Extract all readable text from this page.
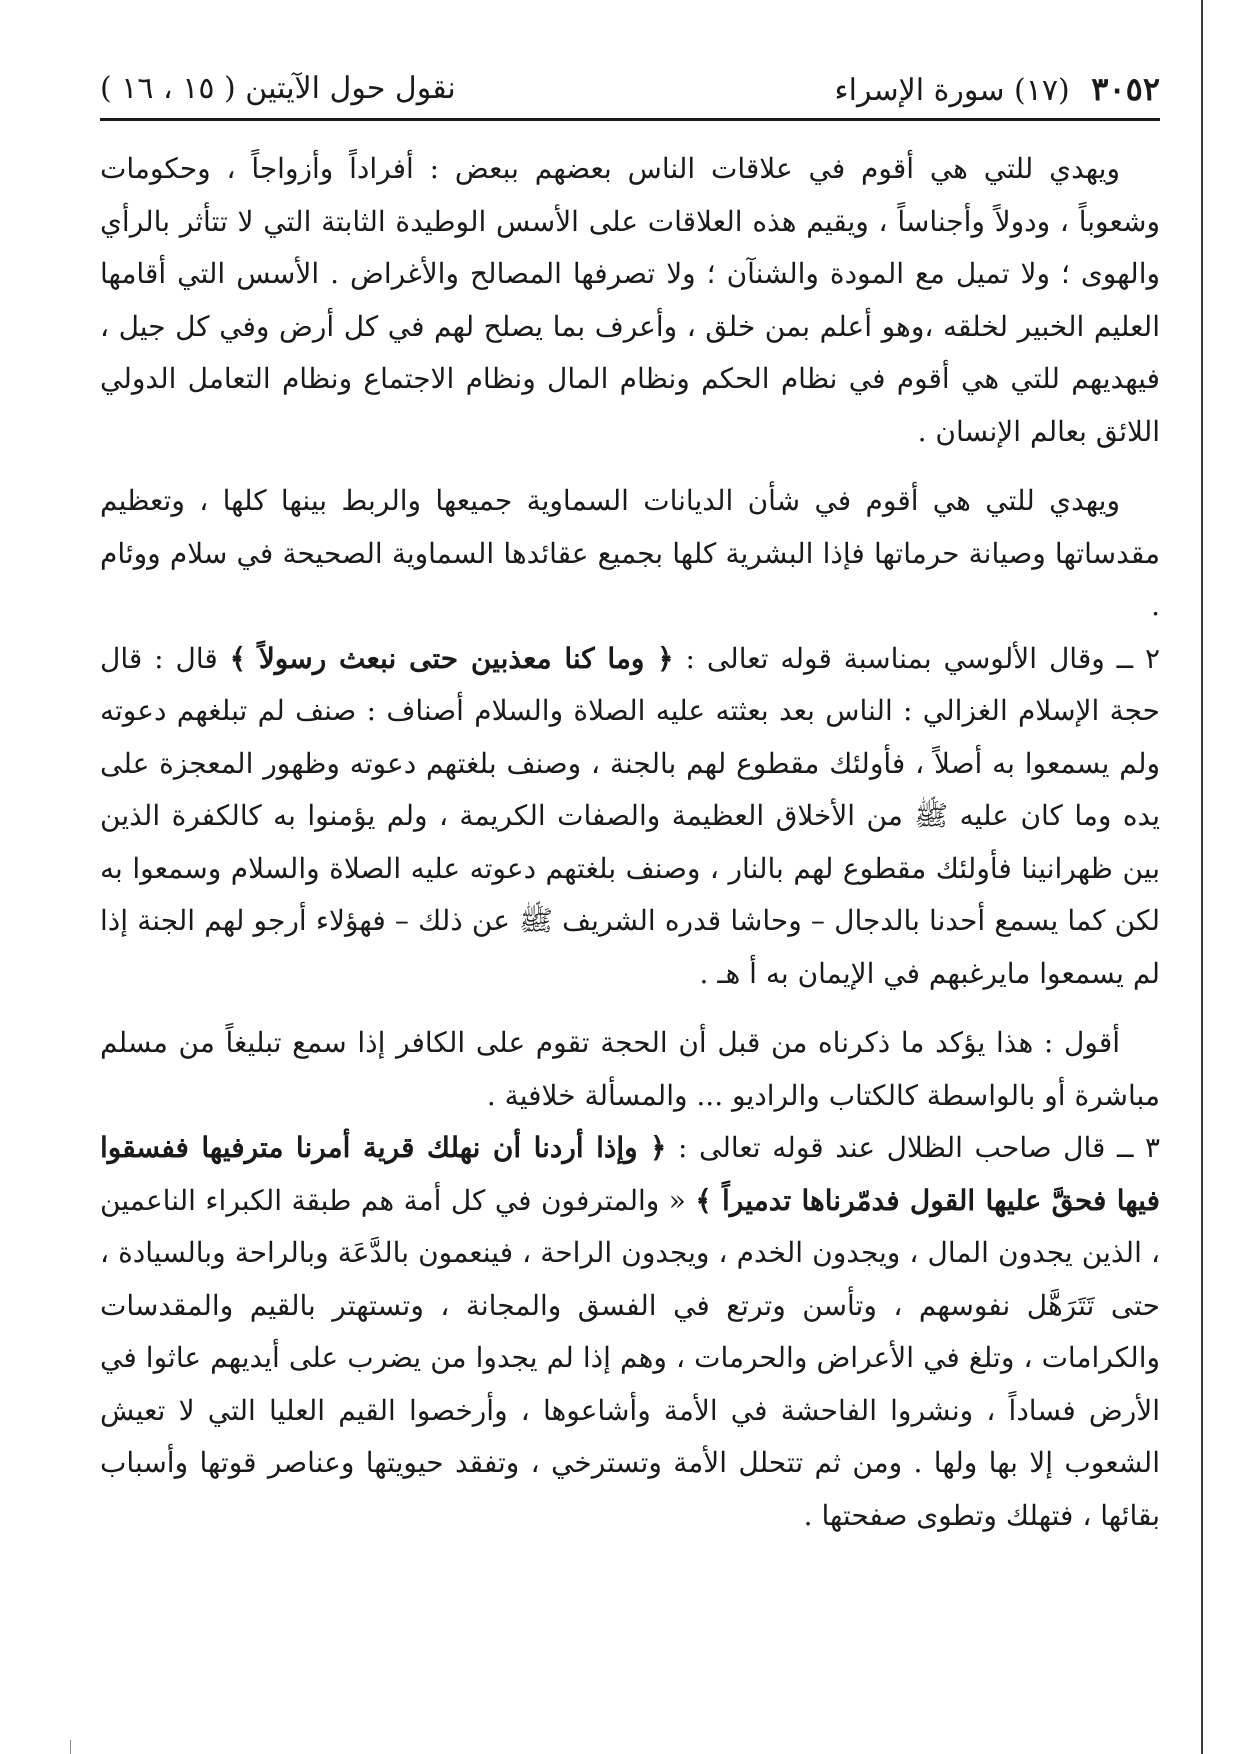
٣٠٥٢ (١٧) سورة الإسراء
نقول حول الآيتين ( ١٥ ، ١٦ )

ويهدي للتي هي أقوم في علاقات الناس بعضهم ببعض : أفراداً وأزواجاً ، وحكومات وشعوباً ، ودولاً وأجناساً ، ويقيم هذه العلاقات على الأسس الوطيدة الثابتة التي لا تتأثر بالرأي والهوى ؛ ولا تميل مع المودة والشنآن ؛ ولا تصرفها المصالح والأغراض . الأسس التي أقامها العليم الخبير لخلقه ،وهو أعلم بمن خلق ، وأعرف بما يصلح لهم في كل أرض وفي كل جيل ، فيهديهم للتي هي أقوم في نظام الحكم ونظام المال ونظام الاجتماع ونظام التعامل الدولي اللائق بعالم الإنسان .

ويهدي للتي هي أقوم في شأن الديانات السماوية جميعها والربط بينها كلها ، وتعظيم مقدساتها وصيانة حرماتها فإذا البشرية كلها بجميع عقائدها السماوية الصحيحة في سلام ووئام .

٢ ــ وقال الألوسي بمناسبة قوله تعالى : ﴿ وما كنا معذبين حتى نبعث رسولاً ﴾ قال : قال حجة الإسلام الغزالي : الناس بعد بعثته عليه الصلاة والسلام أصناف : صنف لم تبلغهم دعوته ولم يسمعوا به أصلاً ، فأولئك مقطوع لهم بالجنة ، وصنف بلغتهم دعوته وظهور المعجزة على يده وما كان عليه ﷺ من الأخلاق العظيمة والصفات الكريمة ، ولم يؤمنوا به كالكفرة الذين بين ظهرانينا فأولئك مقطوع لهم بالنار ، وصنف بلغتهم دعوته عليه الصلاة والسلام وسمعوا به لكن كما يسمع أحدنا بالدجال – وحاشا قدره الشريف ﷺ عن ذلك – فهؤلاء أرجو لهم الجنة إذا لم يسمعوا مايرغبهم في الإيمان به أ هـ .

أقول : هذا يؤكد ما ذكرناه من قبل أن الحجة تقوم على الكافر إذا سمع تبليغاً من مسلم مباشرة أو بالواسطة كالكتاب والراديو ... والمسألة خلافية .

٣ ــ قال صاحب الظلال عند قوله تعالى : ﴿ وإذا أردنا أن نهلك قرية أمرنا مترفيها ففسقوا فيها فحقَّ عليها القول فدمّرناها تدميراً ﴾ « والمترفون في كل أمة هم طبقة الكبراء الناعمين ، الذين يجدون المال ، ويجدون الخدم ، ويجدون الراحة ، فينعمون بالدَّعَة وبالراحة وبالسيادة ، حتى تَتَرَهَّل نفوسهم ، وتأسن وترتع في الفسق والمجانة ، وتستهتر بالقيم والمقدسات والكرامات ، وتلغ في الأعراض والحرمات ، وهم إذا لم يجدوا من يضرب على أيديهم عاثوا في الأرض فساداً ، ونشروا الفاحشة في الأمة وأشاعوها ، وأرخصوا القيم العليا التي لا تعيش الشعوب إلا بها ولها . ومن ثم تتحلل الأمة وتسترخي ، وتفقد حيويتها وعناصر قوتها وأسباب بقائها ، فتهلك وتطوى صفحتها .
